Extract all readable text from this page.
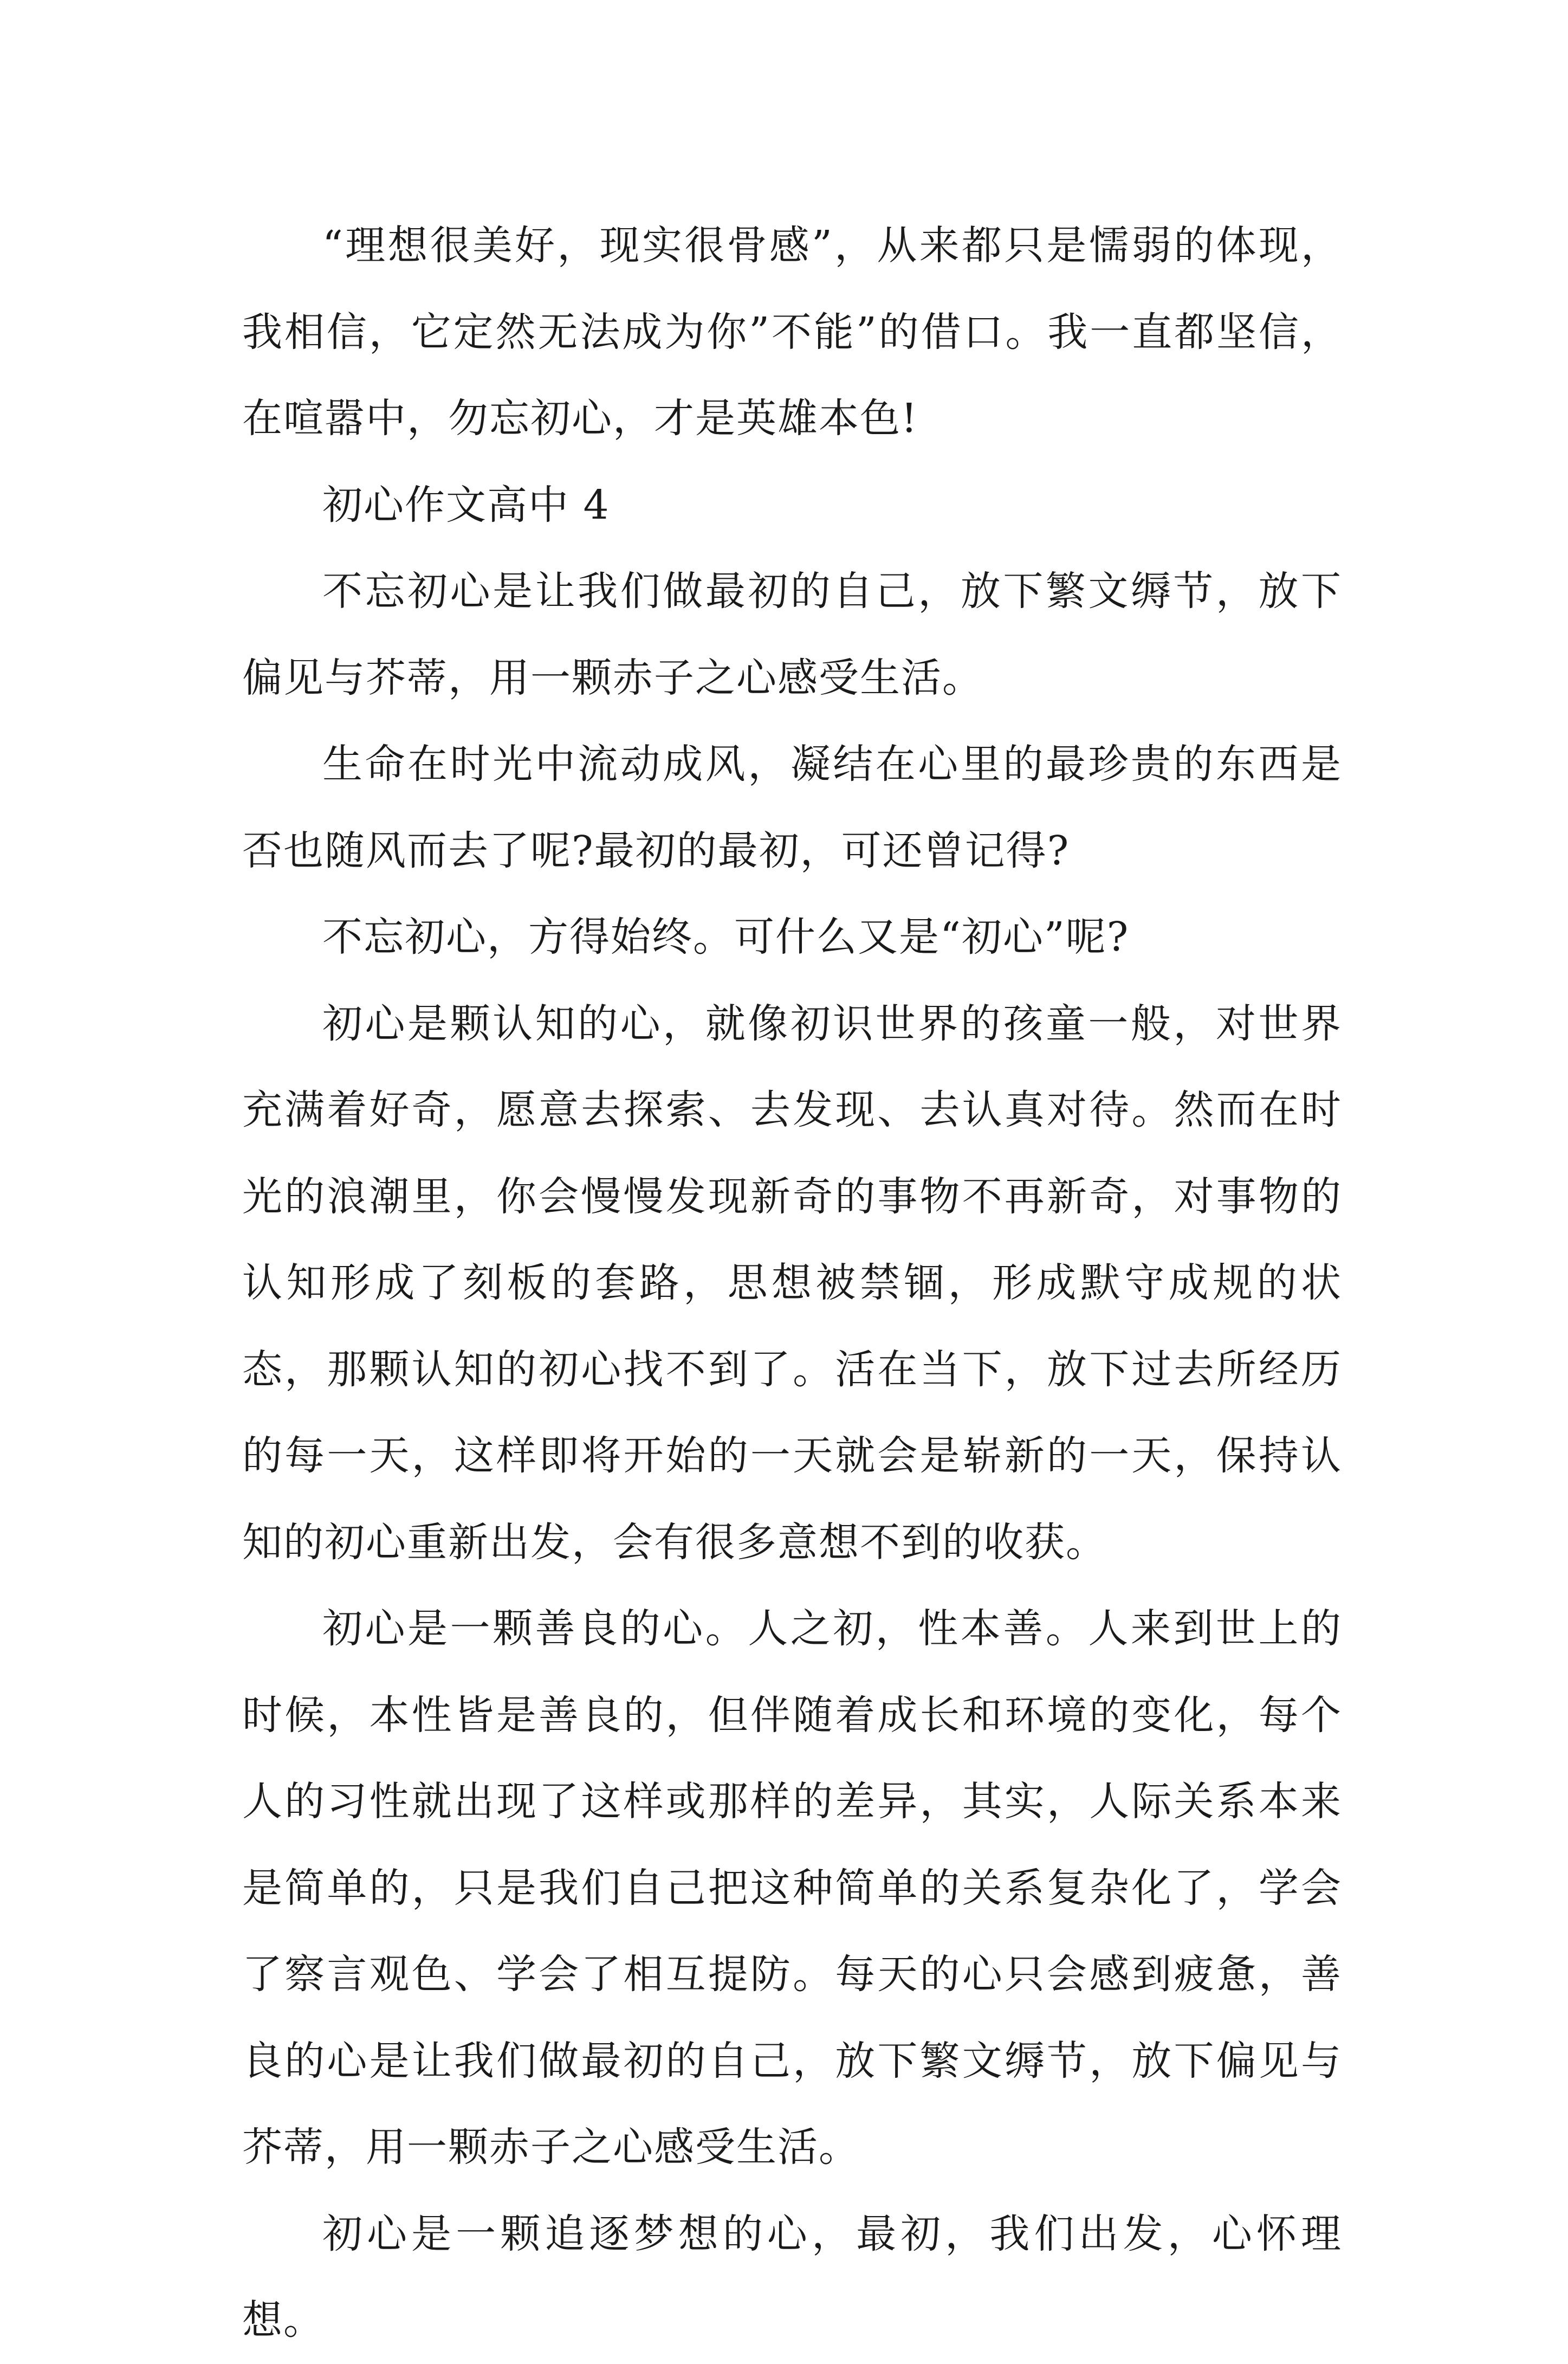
“理想很美好，现实很骨感”，从来都只是懦弱的体现，我相信，它定然无法成为你”不能”的借口。我一直都坚信，在喧嚣中，勿忘初心，才是英雄本色!

初心作文高中 4

不忘初心是让我们做最初的自己，放下繁文缛节，放下偏见与芥蒂，用一颗赤子之心感受生活。

生命在时光中流动成风，凝结在心里的最珍贵的东西是否也随风而去了呢?最初的最初，可还曾记得?

不忘初心，方得始终。可什么又是“初心”呢?

初心是颗认知的心，就像初识世界的孩童一般，对世界充满着好奇，愿意去探索、去发现、去认真对待。然而在时光的浪潮里，你会慢慢发现新奇的事物不再新奇，对事物的认知形成了刻板的套路，思想被禁锢，形成默守成规的状态，那颗认知的初心找不到了。活在当下，放下过去所经历的每一天，这样即将开始的一天就会是崭新的一天，保持认知的初心重新出发，会有很多意想不到的收获。

初心是一颗善良的心。人之初，性本善。人来到世上的时候，本性皆是善良的，但伴随着成长和环境的变化，每个人的习性就出现了这样或那样的差异，其实，人际关系本来是简单的，只是我们自己把这种简单的关系复杂化了，学会了察言观色、学会了相互提防。每天的心只会感到疲惫，善良的心是让我们做最初的自己，放下繁文缛节，放下偏见与芥蒂，用一颗赤子之心感受生活。

初心是一颗追逐梦想的心，最初，我们出发，心怀理想。
